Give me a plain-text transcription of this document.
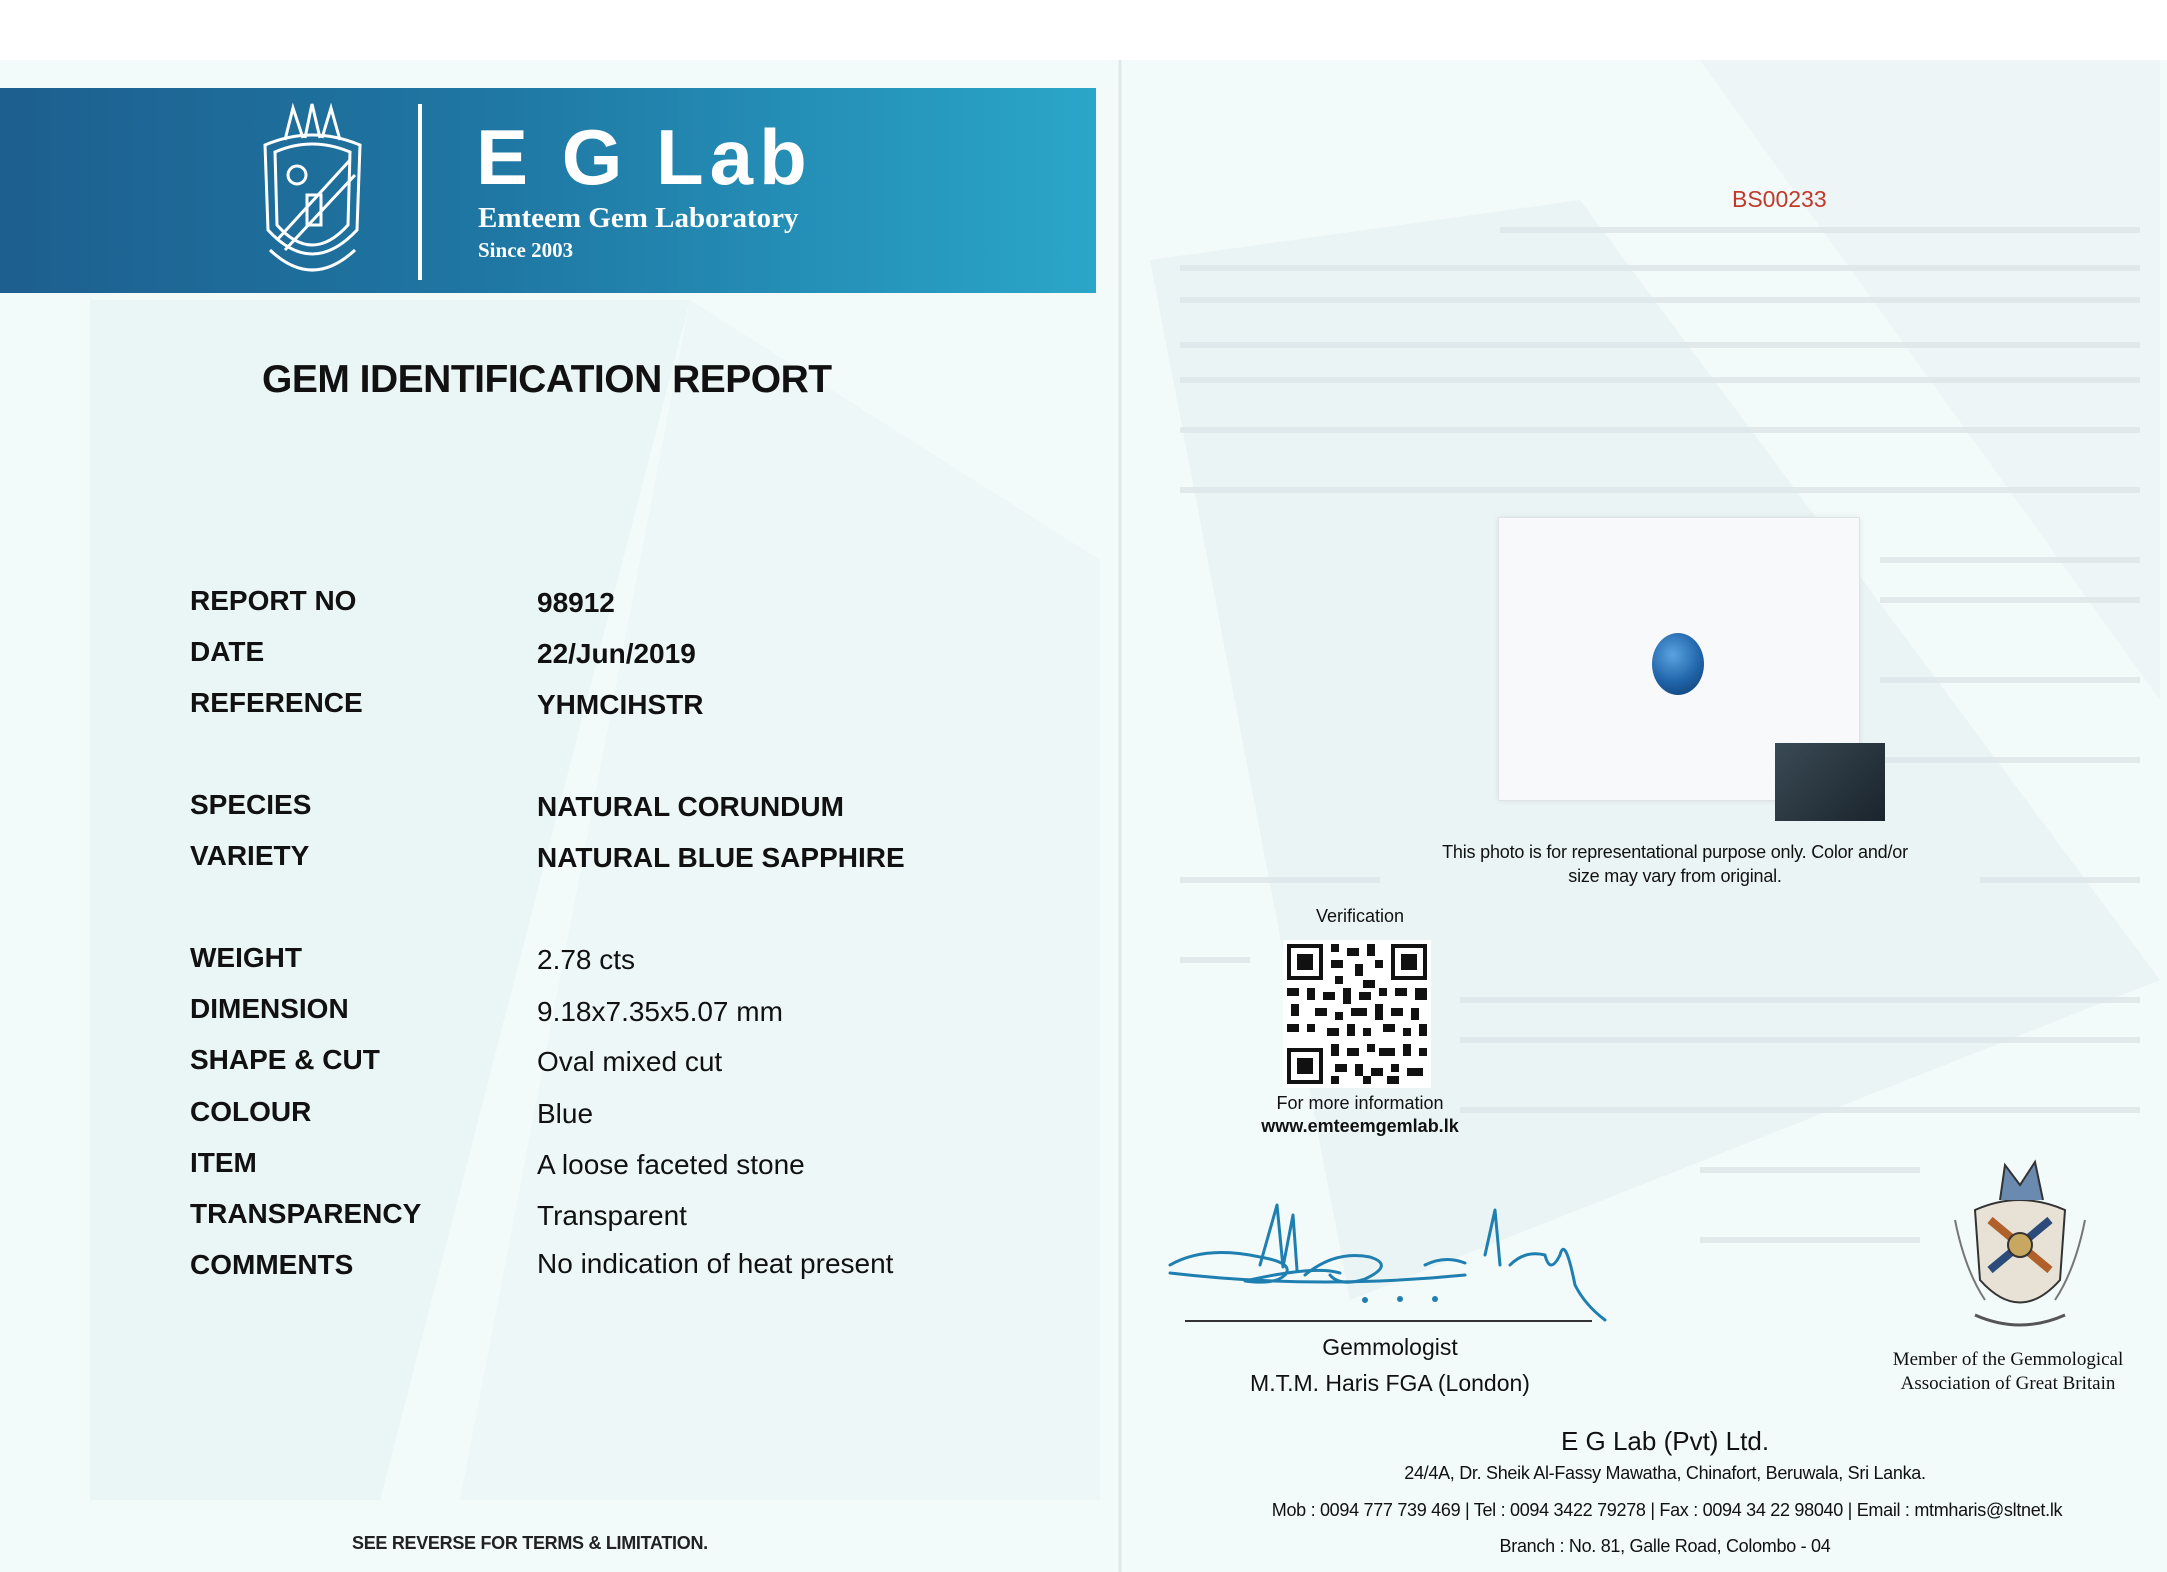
E G Lab
Emteem Gem Laboratory
Since 2003
GEM IDENTIFICATION REPORT
REPORT NO	98912
DATE	22/Jun/2019
REFERENCE	YHMCIHSTR
SPECIES	NATURAL CORUNDUM
VARIETY	NATURAL BLUE SAPPHIRE
WEIGHT	2.78 cts
DIMENSION	9.18x7.35x5.07 mm
SHAPE & CUT	Oval mixed cut
COLOUR	Blue
ITEM	A loose faceted stone
TRANSPARENCY	Transparent
COMMENTS	No indication of heat present
SEE REVERSE FOR TERMS & LIMITATION.
BS00233
This photo is for representational purpose only. Color and/or
size may vary from original.
Verification
For more information
www.emteemgemlab.lk
Gemmologist
M.T.M. Haris FGA (London)
Member of the Gemmological
Association of Great Britain
E G Lab (Pvt) Ltd.
24/4A, Dr. Sheik Al-Fassy Mawatha, Chinafort, Beruwala, Sri Lanka.
Mob : 0094 777 739 469 | Tel : 0094 3422 79278 | Fax : 0094 34 22 98040 | Email : mtmharis@sltnet.lk
Branch : No. 81, Galle Road, Colombo - 04
